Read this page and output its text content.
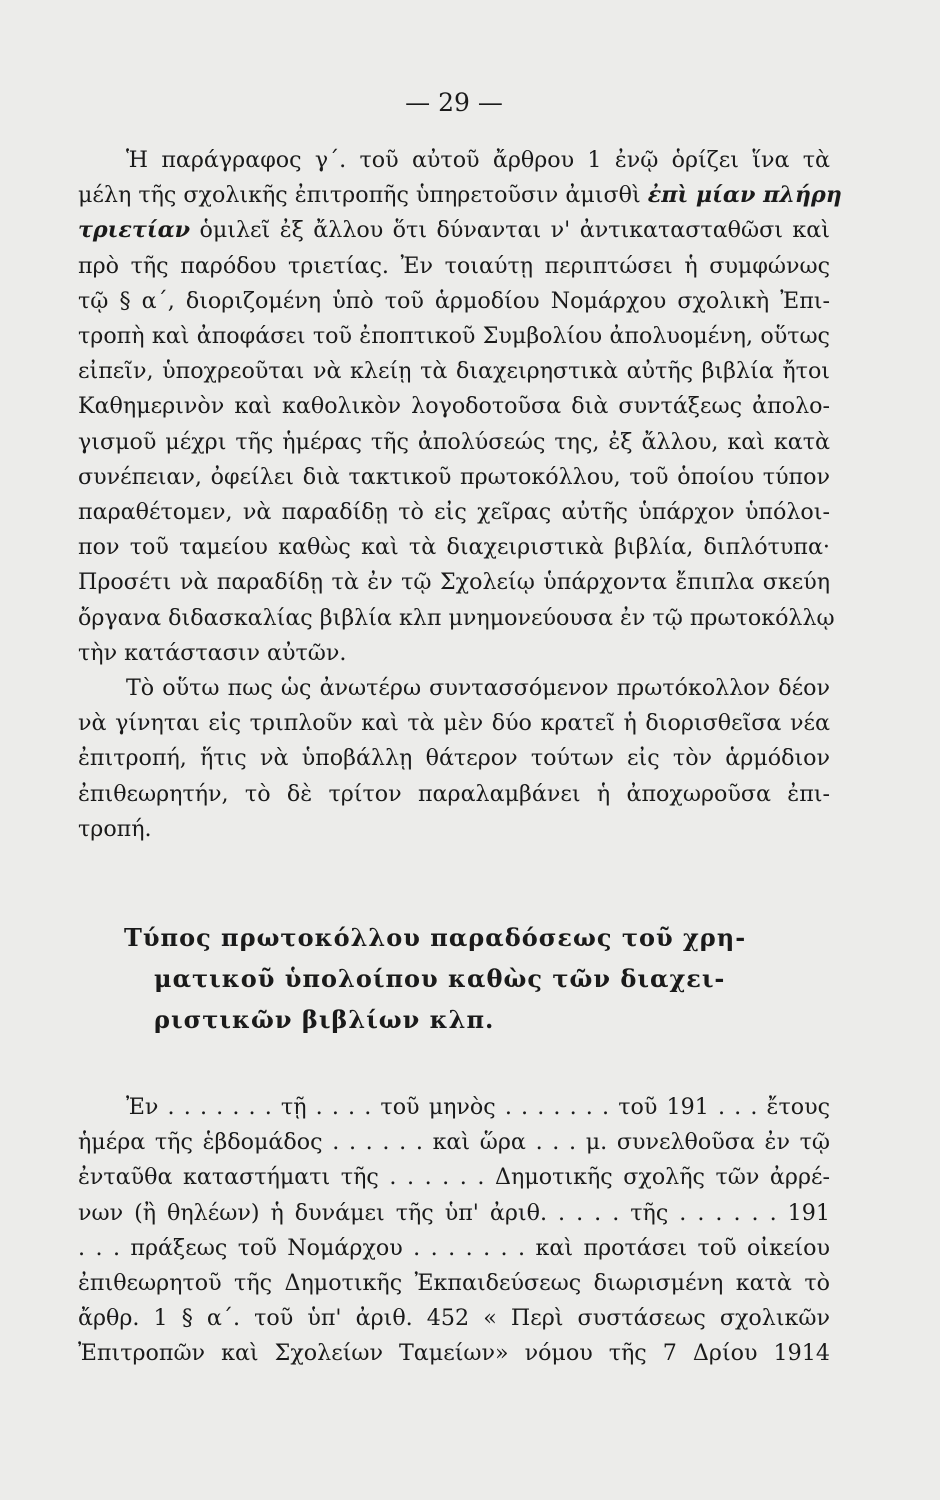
— 29 —

Ἡ παράγραφος γ΄. τοῦ αὐτοῦ ἄρθρου 1 ἐνῷ ὁρίζει ἵνα τὰ
μέλη τῆς σχολικῆς ἐπιτροπῆς ὑπηρετοῦσιν ἀμισθὶ ἐπὶ μίαν πλήρη
τριετίαν ὁμιλεῖ ἐξ ἄλλου ὅτι δύνανται ν' ἀντικατασταθῶσι καὶ
πρὸ τῆς παρόδου τριετίας. Ἐν τοιαύτῃ περιπτώσει ἡ συμφώνως
τῷ § α΄, διοριζομένη ὑπὸ τοῦ ἁρμοδίου Νομάρχου σχολικὴ Ἐπι-
τροπὴ καὶ ἀποφάσει τοῦ ἐποπτικοῦ Συμβολίου ἀπολυομένη, οὕτως
εἰπεῖν, ὑποχρεοῦται νὰ κλείῃ τὰ διαχειρηστικὰ αὐτῆς βιβλία ἤτοι
Καθημερινὸν καὶ καθολικὸν λογοδοτοῦσα διὰ συντάξεως ἀπολο-
γισμοῦ μέχρι τῆς ἡμέρας τῆς ἀπολύσεώς της, ἐξ ἄλλου, καὶ κατὰ
συνέπειαν, ὀφείλει διὰ τακτικοῦ πρωτοκόλλου, τοῦ ὁποίου τύπον
παραθέτομεν, νὰ παραδίδῃ τὸ εἰς χεῖρας αὐτῆς ὑπάρχον ὑπόλοι-
πον τοῦ ταμείου καθὼς καὶ τὰ διαχειριστικὰ βιβλία, διπλότυπα·
Προσέτι νὰ παραδίδῃ τὰ ἐν τῷ Σχολείῳ ὑπάρχοντα ἔπιπλα σκεύη
ὄργανα διδασκαλίας βιβλία κλπ μνημονεύουσα ἐν τῷ πρωτοκόλλῳ
τὴν κατάστασιν αὐτῶν.

Τὸ οὕτω πως ὡς ἀνωτέρω συντασσόμενον πρωτόκολλον δέον
νὰ γίνηται εἰς τριπλοῦν καὶ τὰ μὲν δύο κρατεῖ ἡ διορισθεῖσα νέα
ἐπιτροπή, ἥτις νὰ ὑποβάλλῃ θάτερον τούτων εἰς τὸν ἁρμόδιον
ἐπιθεωρητήν, τὸ δὲ τρίτον παραλαμβάνει ἡ ἀποχωροῦσα ἐπι-
τροπή.

Τύπος πρωτοκόλλου παραδόσεως τοῦ χρη-
ματικοῦ ὑπολοίπου καθὼς τῶν διαχει-
ριστικῶν βιβλίων κλπ.

Ἐν . . . . . . . τῇ . . . . τοῦ μηνὸς . . . . . . . τοῦ 191 . . . ἔτους
ἡμέρα τῆς ἑβδομάδος . . . . . . καὶ ὥρα . . . μ. συνελθοῦσα ἐν τῷ
ἐνταῦθα καταστήματι τῆς . . . . . . Δημοτικῆς σχολῆς τῶν ἀρρέ-
νων (ἢ θηλέων) ἡ δυνάμει τῆς ὑπ' ἀριθ. . . . . τῆς . . . . . . 191
. . . πράξεως τοῦ Νομάρχου . . . . . . . καὶ προτάσει τοῦ οἰκείου
ἐπιθεωρητοῦ τῆς Δημοτικῆς Ἐκπαιδεύσεως διωρισμένη κατὰ τὸ
ἄρθρ. 1 § α΄. τοῦ ὑπ' ἀριθ. 452 « Περὶ συστάσεως σχολικῶν
Ἐπιτροπῶν καὶ Σχολείων Ταμείων» νόμου τῆς 7 Δρίου 1914
